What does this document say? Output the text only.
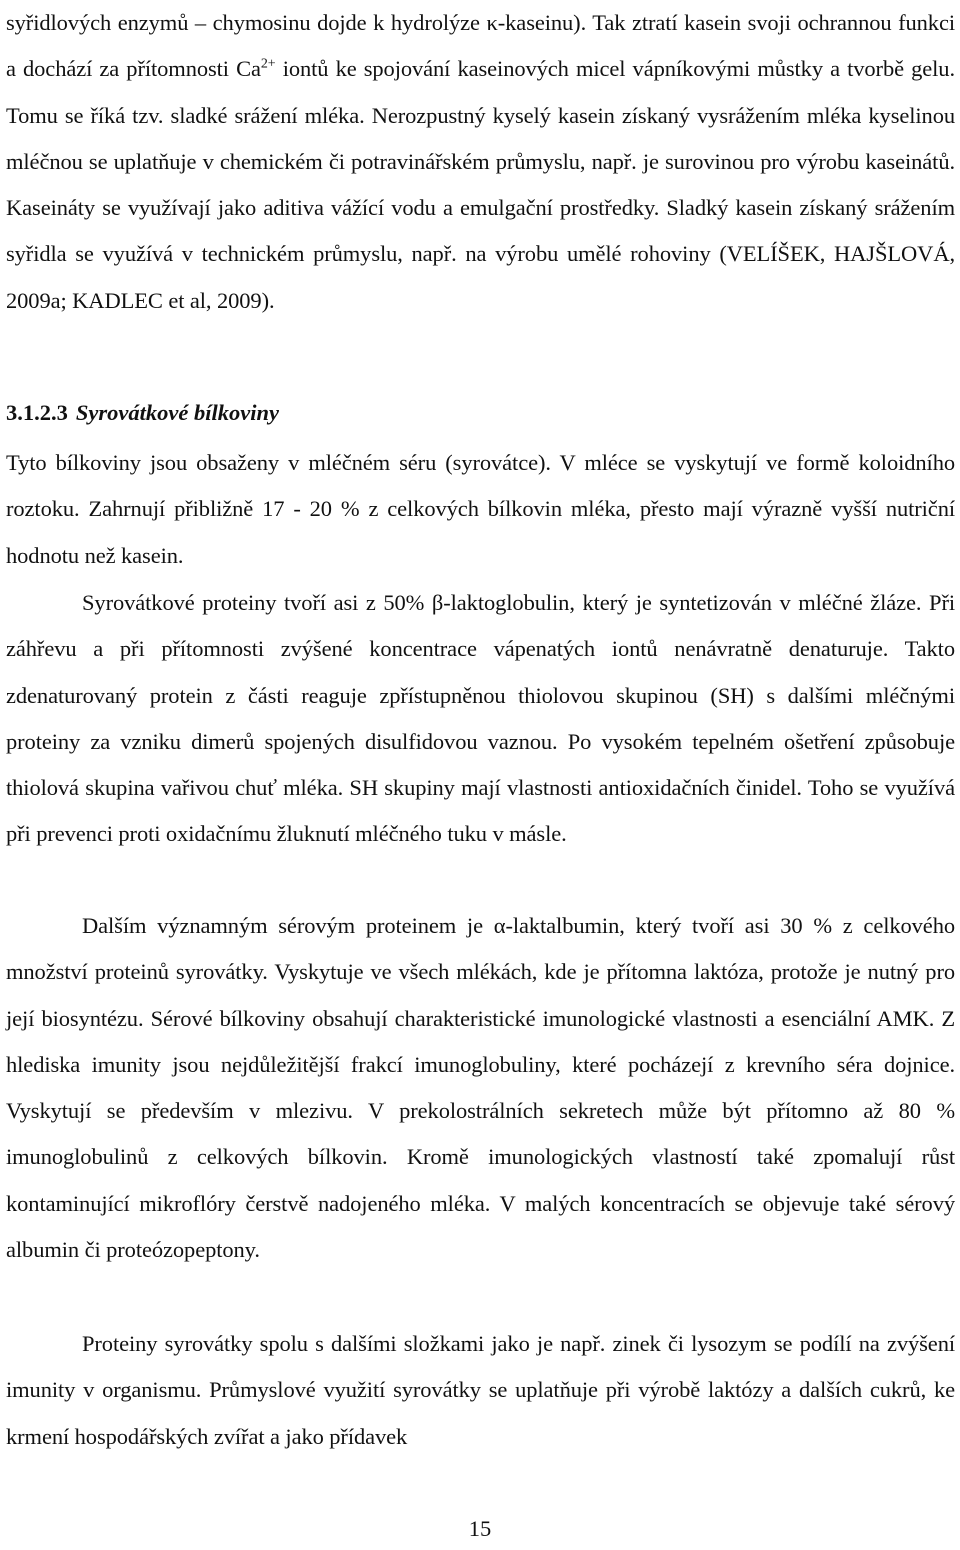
syřidlových enzymů – chymosinu dojde k hydrolýze κ-kaseinu). Tak ztratí kasein svoji ochrannou funkci a dochází za přítomnosti $Ca^{2+}$ iontů ke spojování kaseinových micel vápníkovými můstky a tvorbě gelu. Tomu se říká tzv. sladké srážení mléka. Nerozpustný kyselý kasein získaný vysrážením mléka kyselinou mléčnou se uplatňuje v chemickém či potravinářském průmyslu, např. je surovinou pro výrobu kaseinátů. Kaseináty se využívají jako aditiva vážící vodu a emulgační prostředky. Sladký kasein získaný srážením syřidla se využívá v technickém průmyslu, např. na výrobu umělé rohoviny (VELÍŠEK, HAJŠLOVÁ, 2009a; KADLEC et al, 2009).

3.1.2.3 Syrovátkové bílkoviny

Tyto bílkoviny jsou obsaženy v mléčném séru (syrovátce). V mléce se vyskytují ve formě koloidního roztoku. Zahrnují přibližně 17 - 20 % z celkových bílkovin mléka, přesto mají výrazně vyšší nutriční hodnotu než kasein.

Syrovátkové proteiny tvoří asi z 50% β-laktoglobulin, který je syntetizován v mléčné žláze. Při záhřevu a při přítomnosti zvýšené koncentrace vápenatých iontů nenávratně denaturuje. Takto zdenaturovaný protein z části reaguje zpřístupněnou thiolovou skupinou (SH) s dalšími mléčnými proteiny za vzniku dimerů spojených disulfidovou vaznou. Po vysokém tepelném ošetření způsobuje thiolová skupina vařivou chuť mléka. SH skupiny mají vlastnosti antioxidačních činidel. Toho se využívá při prevenci proti oxidačnímu žluknutí mléčného tuku v másle.

Dalším významným sérovým proteinem je α-laktalbumin, který tvoří asi 30 % z celkového množství proteinů syrovátky. Vyskytuje ve všech mlékách, kde je přítomna laktóza, protože je nutný pro její biosyntézu. Sérové bílkoviny obsahují charakteristické imunologické vlastnosti a esenciální AMK. Z hlediska imunity jsou nejdůležitější frakcí imunoglobuliny, které pocházejí z krevního séra dojnice. Vyskytují se především v mlezivu. V prekolostrálních sekretech může být přítomno až 80 % imunoglobulinů z celkových bílkovin. Kromě imunologických vlastností také zpomalují růst kontaminující mikroflóry čerstvě nadojeného mléka. V malých koncentracích se objevuje také sérový albumin či proteózopeptony.

Proteiny syrovátky spolu s dalšími složkami jako je např. zinek či lysozym se podílí na zvýšení imunity v organismu. Průmyslové využití syrovátky se uplatňuje při výrobě laktózy a dalších cukrů, ke krmení hospodářských zvířat a jako přídavek

15
